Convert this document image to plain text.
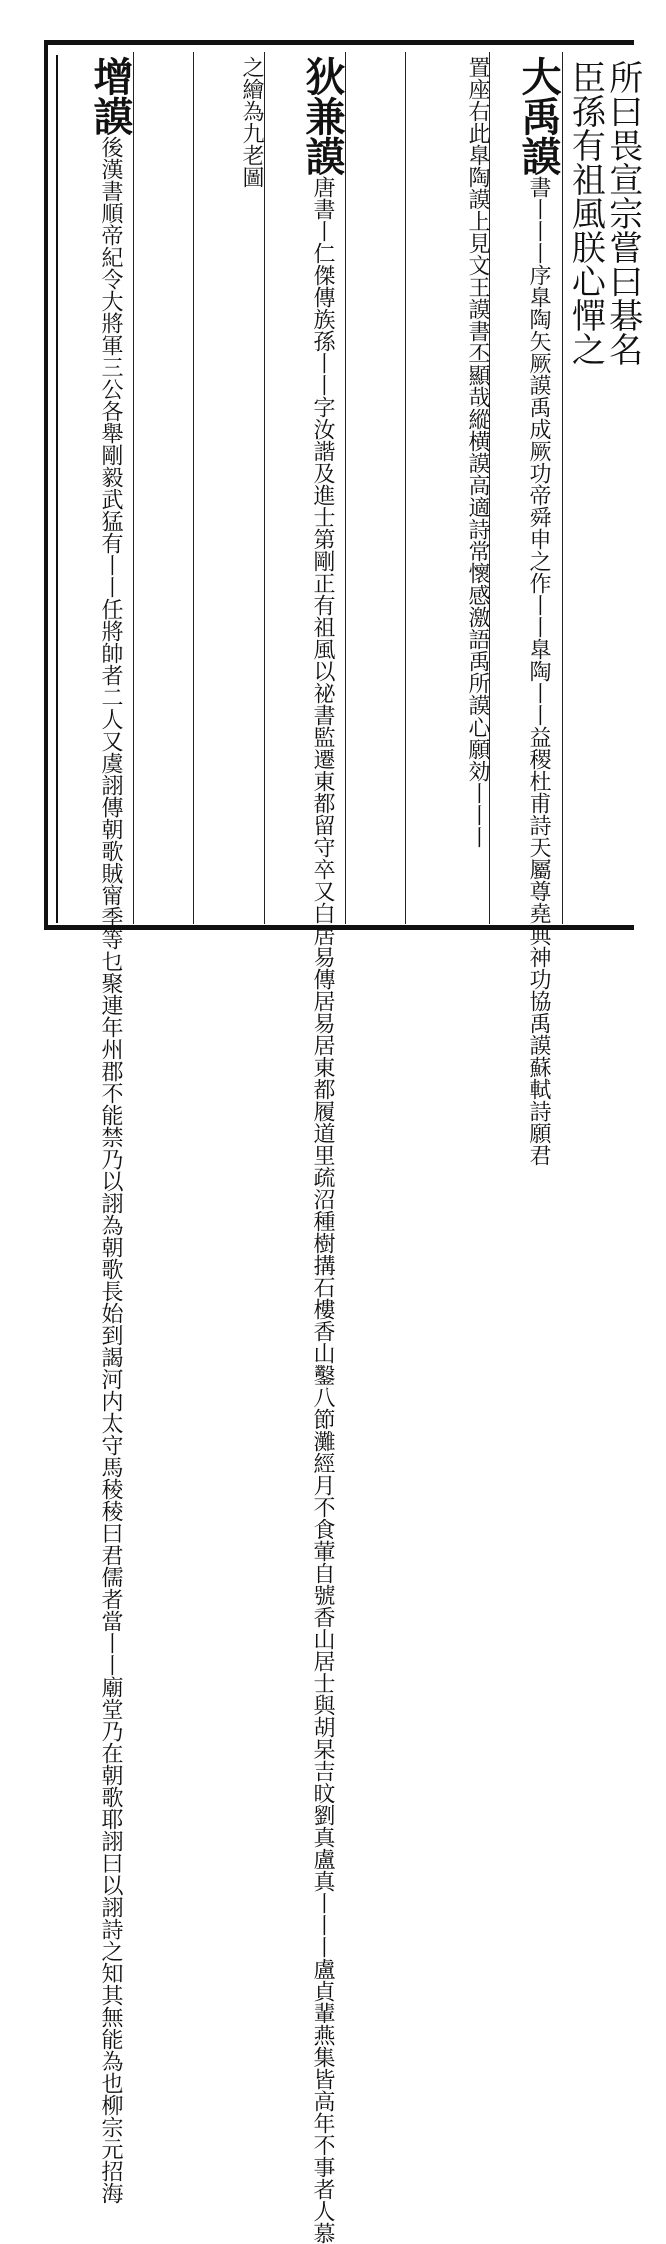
所曰畏宣宗嘗曰碁名
臣孫有祖風朕心憚之
大禹謨書丨丨丨序臯陶矢厥謨禹成厥功帝舜申之作丨丨臯陶丨丨益稷杜甫詩天屬尊堯典神功協禹謨蘇軾詩願君
置座右此臯陶謨上見文王謨書丕顯哉縱横謨高適詩常懷感激語禹所謨心願効丨丨丨
狄兼謨唐書丨仁傑傳族孫丨丨字汝諧及進士第剛正有祖風以祕書監遷東都留守卒又白居易傳居易居東都履道里疏沼種樹搆石樓香山鑿八節灘經月不食葷自號香山居士與胡杲吉旼劉真盧真丨丨丨盧貞輩燕集皆高年不事者人慕
之繪為九老圖
增謨後漢書順帝紀令大將軍三公各舉剛毅武猛有丨丨任將帥者二人又虞詡傳朝歌賊甯季等乜聚連年州郡不能禁乃以詡為朝歌長始到謁河内太守馬稜稜曰君儒者當丨丨廟堂乃在朝歌耶詡曰以詡詩之知其無能為也柳宗元招海
